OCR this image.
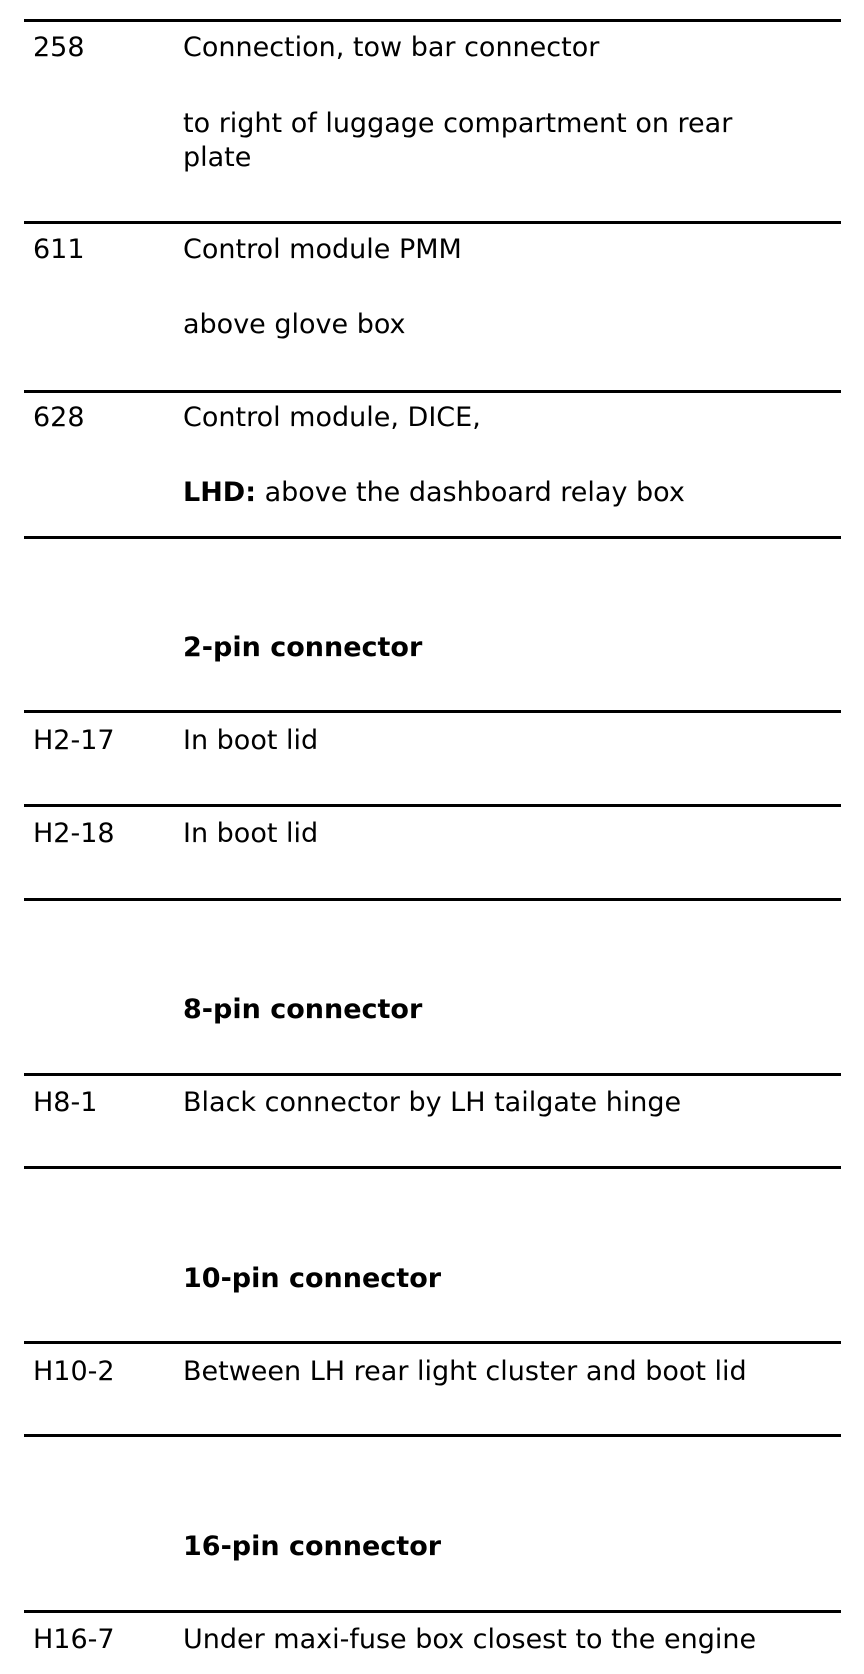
258	Connection, tow bar connector
to right of luggage compartment on rear plate
611	Control module PMM
above glove box
628	Control module, DICE,
LHD: above the dashboard relay box
2-pin connector
H2-17	In boot lid
H2-18	In boot lid
8-pin connector
H8-1	Black connector by LH tailgate hinge
10-pin connector
H10-2	Between LH rear light cluster and boot lid
16-pin connector
H16-7	Under maxi-fuse box closest to the engine
